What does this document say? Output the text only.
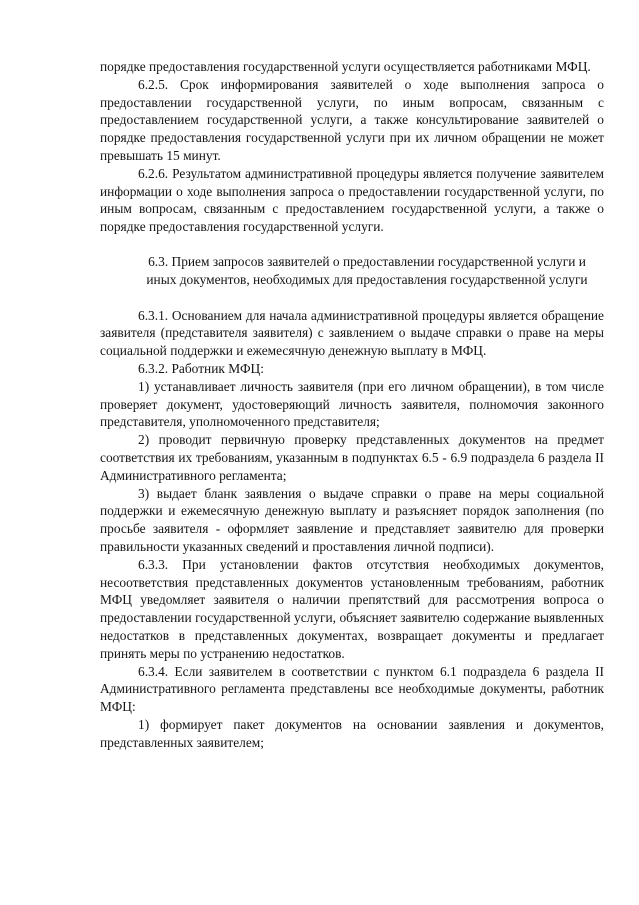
порядке предоставления государственной услуги осуществляется работниками МФЦ.

6.2.5. Срок информирования заявителей о ходе выполнения запроса о предоставлении государственной услуги, по иным вопросам, связанным с предоставлением государственной услуги, а также консультирование заявителей о порядке предоставления государственной услуги при их личном обращении не может превышать 15 минут.

6.2.6. Результатом административной процедуры является получение заявителем информации о ходе выполнения запроса о предоставлении государственной услуги, по иным вопросам, связанным с предоставлением государственной услуги, а также о порядке предоставления государственной услуги.

6.3. Прием запросов заявителей о предоставлении государственной услуги и иных документов, необходимых для предоставления государственной услуги

6.3.1. Основанием для начала административной процедуры является обращение заявителя (представителя заявителя) с заявлением о выдаче справки о праве на меры социальной поддержки и ежемесячную денежную выплату в МФЦ.

6.3.2. Работник МФЦ:

1) устанавливает личность заявителя (при его личном обращении), в том числе проверяет документ, удостоверяющий личность заявителя, полномочия законного представителя, уполномоченного представителя;

2) проводит первичную проверку представленных документов на предмет соответствия их требованиям, указанным в подпунктах 6.5 - 6.9 подраздела 6 раздела II Административного регламента;

3) выдает бланк заявления о выдаче справки о праве на меры социальной поддержки и ежемесячную денежную выплату и разъясняет порядок заполнения (по просьбе заявителя - оформляет заявление и представляет заявителю для проверки правильности указанных сведений и проставления личной подписи).

6.3.3. При установлении фактов отсутствия необходимых документов, несоответствия представленных документов установленным требованиям, работник МФЦ уведомляет заявителя о наличии препятствий для рассмотрения вопроса о предоставлении государственной услуги, объясняет заявителю содержание выявленных недостатков в представленных документах, возвращает документы и предлагает принять меры по устранению недостатков.

6.3.4. Если заявителем в соответствии с пунктом 6.1 подраздела 6 раздела II Административного регламента представлены все необходимые документы, работник МФЦ:

1) формирует пакет документов на основании заявления и документов, представленных заявителем;
